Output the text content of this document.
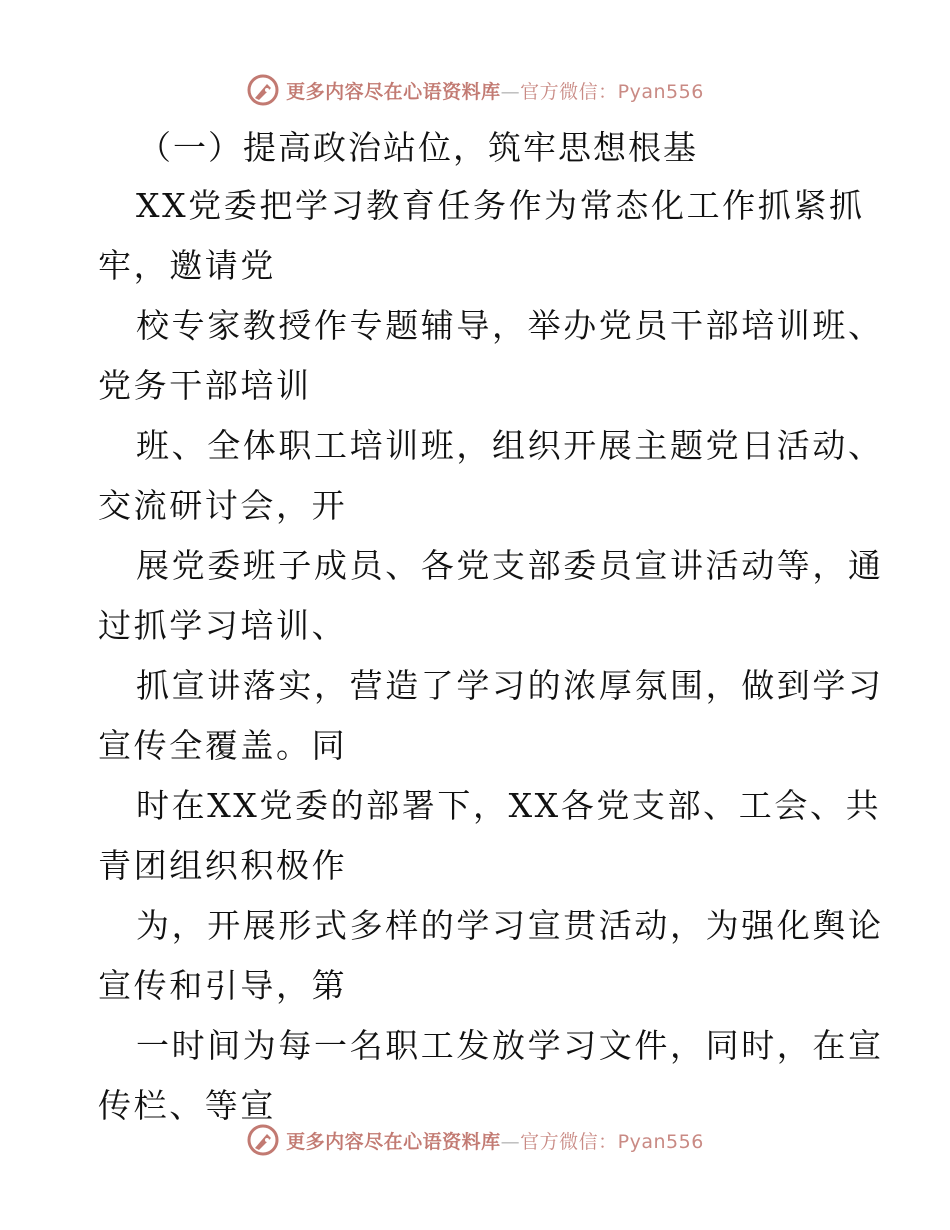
更多内容尽在心语资料库—官方微信：Pyan556
（一）提高政治站位，筑牢思想根基
XX党委把学习教育任务作为常态化工作抓紧抓
牢，邀请党
校专家教授作专题辅导，举办党员干部培训班、
党务干部培训
班、全体职工培训班，组织开展主题党日活动、
交流研讨会，开
展党委班子成员、各党支部委员宣讲活动等，通
过抓学习培训、
抓宣讲落实，营造了学习的浓厚氛围，做到学习
宣传全覆盖。同
时在XX党委的部署下，XX各党支部、工会、共
青团组织积极作
为，开展形式多样的学习宣贯活动，为强化舆论
宣传和引导，第
一时间为每一名职工发放学习文件，同时，在宣
传栏、等宣
更多内容尽在心语资料库—官方微信：Pyan556
